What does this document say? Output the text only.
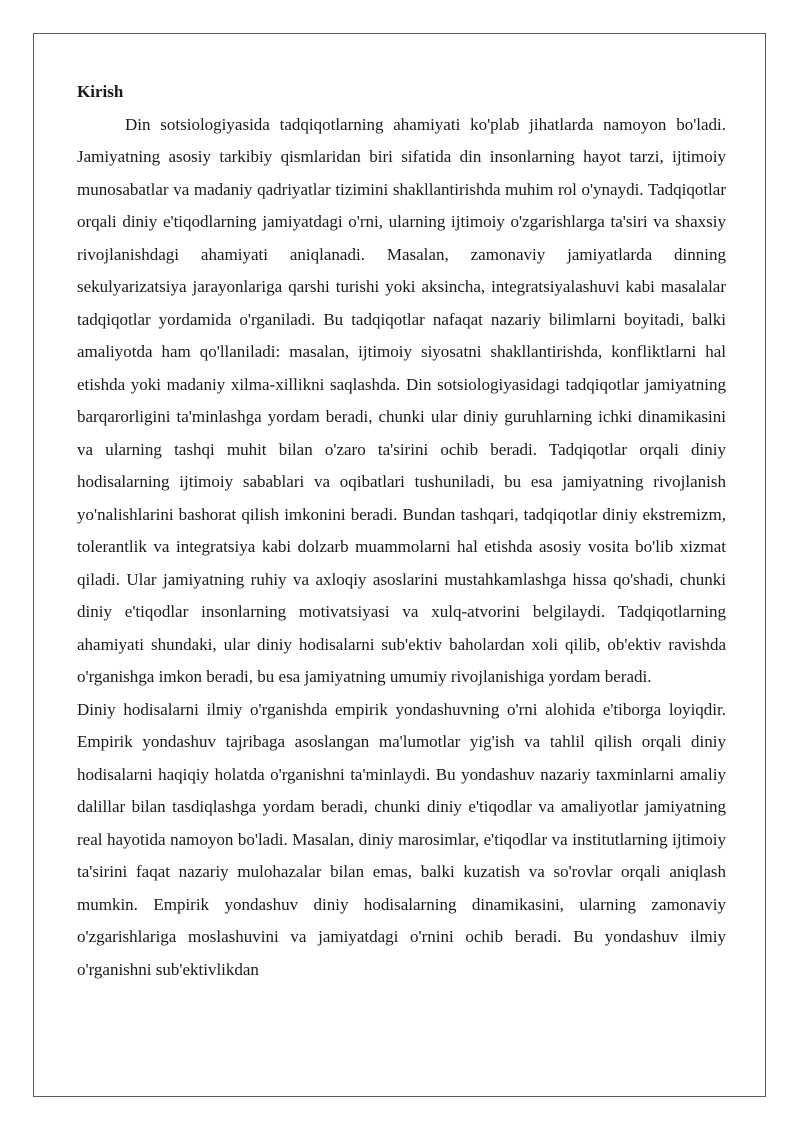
Kirish

Din sotsiologiyasida tadqiqotlarning ahamiyati ko'plab jihatlarda namoyon bo'ladi. Jamiyatning asosiy tarkibiy qismlaridan biri sifatida din insonlarning hayot tarzi, ijtimoiy munosabatlar va madaniy qadriyatlar tizimini shakllantirishda muhim rol o'ynaydi. Tadqiqotlar orqali diniy e'tiqodlarning jamiyatdagi o'rni, ularning ijtimoiy o'zgarishlarga ta'siri va shaxsiy rivojlanishdagi ahamiyati aniqlanadi. Masalan, zamonaviy jamiyatlarda dinning sekulyarizatsiya jarayonlariga qarshi turishi yoki aksincha, integratsiyalashuvi kabi masalalar tadqiqotlar yordamida o'rganiladi. Bu tadqiqotlar nafaqat nazariy bilimlarni boyitadi, balki amaliyotda ham qo'llaniladi: masalan, ijtimoiy siyosatni shakllantirishda, konfliktlarni hal etishda yoki madaniy xilma-xillikni saqlashda. Din sotsiologiyasidagi tadqiqotlar jamiyatning barqarorligini ta'minlashga yordam beradi, chunki ular diniy guruhlarning ichki dinamikasini va ularning tashqi muhit bilan o'zaro ta'sirini ochib beradi. Tadqiqotlar orqali diniy hodisalarning ijtimoiy sabablari va oqibatlari tushuniladi, bu esa jamiyatning rivojlanish yo'nalishlarini bashorat qilish imkonini beradi. Bundan tashqari, tadqiqotlar diniy ekstremizm, tolerantlik va integratsiya kabi dolzarb muammolarni hal etishda asosiy vosita bo'lib xizmat qiladi. Ular jamiyatning ruhiy va axloqiy asoslarini mustahkamlashga hissa qo'shadi, chunki diniy e'tiqodlar insonlarning motivatsiyasi va xulq-atvorini belgilaydi. Tadqiqotlarning ahamiyati shundaki, ular diniy hodisalarni sub'ektiv baholardan xoli qilib, ob'ektiv ravishda o'rganishga imkon beradi, bu esa jamiyatning umumiy rivojlanishiga yordam beradi.

Diniy hodisalarni ilmiy o'rganishda empirik yondashuvning o'rni alohida e'tiborga loyiqdir. Empirik yondashuv tajribaga asoslangan ma'lumotlar yig'ish va tahlil qilish orqali diniy hodisalarni haqiqiy holatda o'rganishni ta'minlaydi. Bu yondashuv nazariy taxminlarni amaliy dalillar bilan tasdiqlashga yordam beradi, chunki diniy e'tiqodlar va amaliyotlar jamiyatning real hayotida namoyon bo'ladi. Masalan, diniy marosimlar, e'tiqodlar va institutlarning ijtimoiy ta'sirini faqat nazariy mulohazalar bilan emas, balki kuzatish va so'rovlar orqali aniqlash mumkin. Empirik yondashuv diniy hodisalarning dinamikasini, ularning zamonaviy o'zgarishlariga moslashuvini va jamiyatdagi o'rnini ochib beradi. Bu yondashuv ilmiy o'rganishni sub'ektivlikdan
